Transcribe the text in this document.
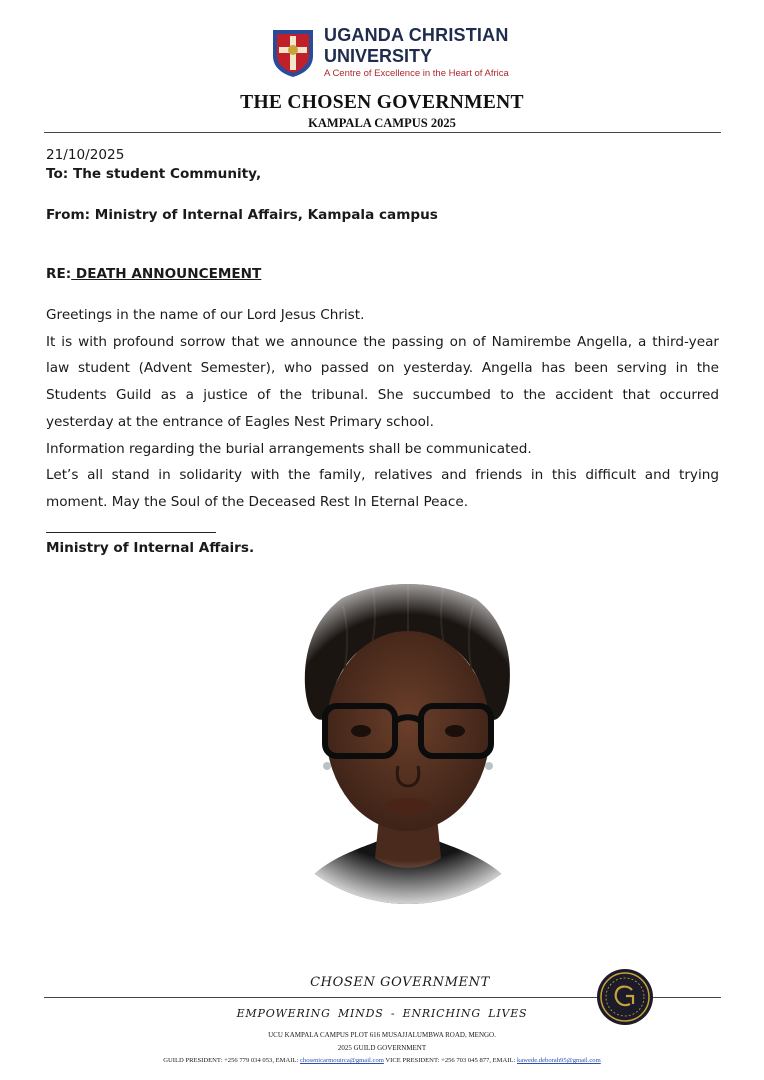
UGANDA CHRISTIAN
UNIVERSITY
A Centre of Excellence in the Heart of Africa
THE CHOSEN GOVERNMENT
KAMPALA CAMPUS 2025
21/10/2025
To: The student Community,
From: Ministry of Internal Affairs, Kampala campus
RE: DEATH ANNOUNCEMENT

Greetings in the name of our Lord Jesus Christ.

It is with profound sorrow that we announce the passing on of Namirembe Angella, a third-year law student (Advent Semester), who passed on yesterday. Angella has been serving in the Students Guild as a justice of the tribunal. She succumbed to the accident that occurred yesterday at the entrance of Eagles Nest Primary school.

Information regarding the burial arrangements shall be communicated.

Let’s all stand in solidarity with the family, relatives and friends in this difficult and trying moment. May the Soul of the Deceased Rest In Eternal Peace.

Ministry of Internal Affairs.
CHOSEN GOVERNMENT
EMPOWERING MINDS - ENRICHING LIVES
UCU KAMPALA CAMPUS PLOT 616 MUSAJJALUMBWA ROAD, MENGO.
2025 GUILD GOVERNMENT
GUILD PRESIDENT: +256 779 034 053, EMAIL: chosenicarmouirca@gmail.com VICE PRESIDENT: +256 703 045 877, EMAIL: kawede.deborah95@gmail.com
